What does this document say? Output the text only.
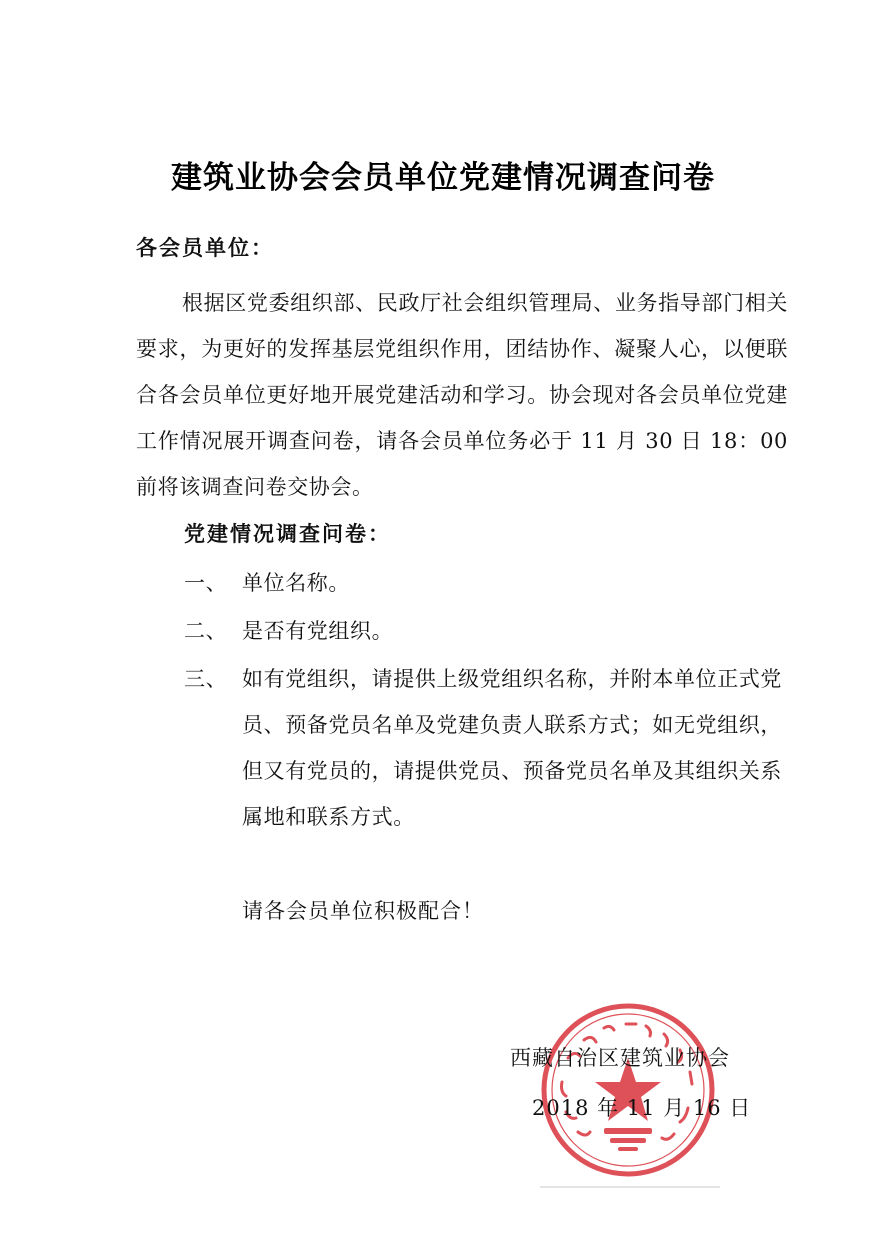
建筑业协会会员单位党建情况调查问卷
各会员单位：
根据区党委组织部、民政厅社会组织管理局、业务指导部门相关要求，为更好的发挥基层党组织作用，团结协作、凝聚人心，以便联合各会员单位更好地开展党建活动和学习。协会现对各会员单位党建工作情况展开调查问卷，请各会员单位务必于 11 月 30 日 18：00 前将该调查问卷交协会。
党建情况调查问卷：
一、 单位名称。
二、 是否有党组织。
三、 如有党组织，请提供上级党组织名称，并附本单位正式党员、预备党员名单及党建负责人联系方式；如无党组织，但又有党员的，请提供党员、预备党员名单及其组织关系属地和联系方式。
请各会员单位积极配合！
西藏自治区建筑业协会
2018 年 11 月 16 日
